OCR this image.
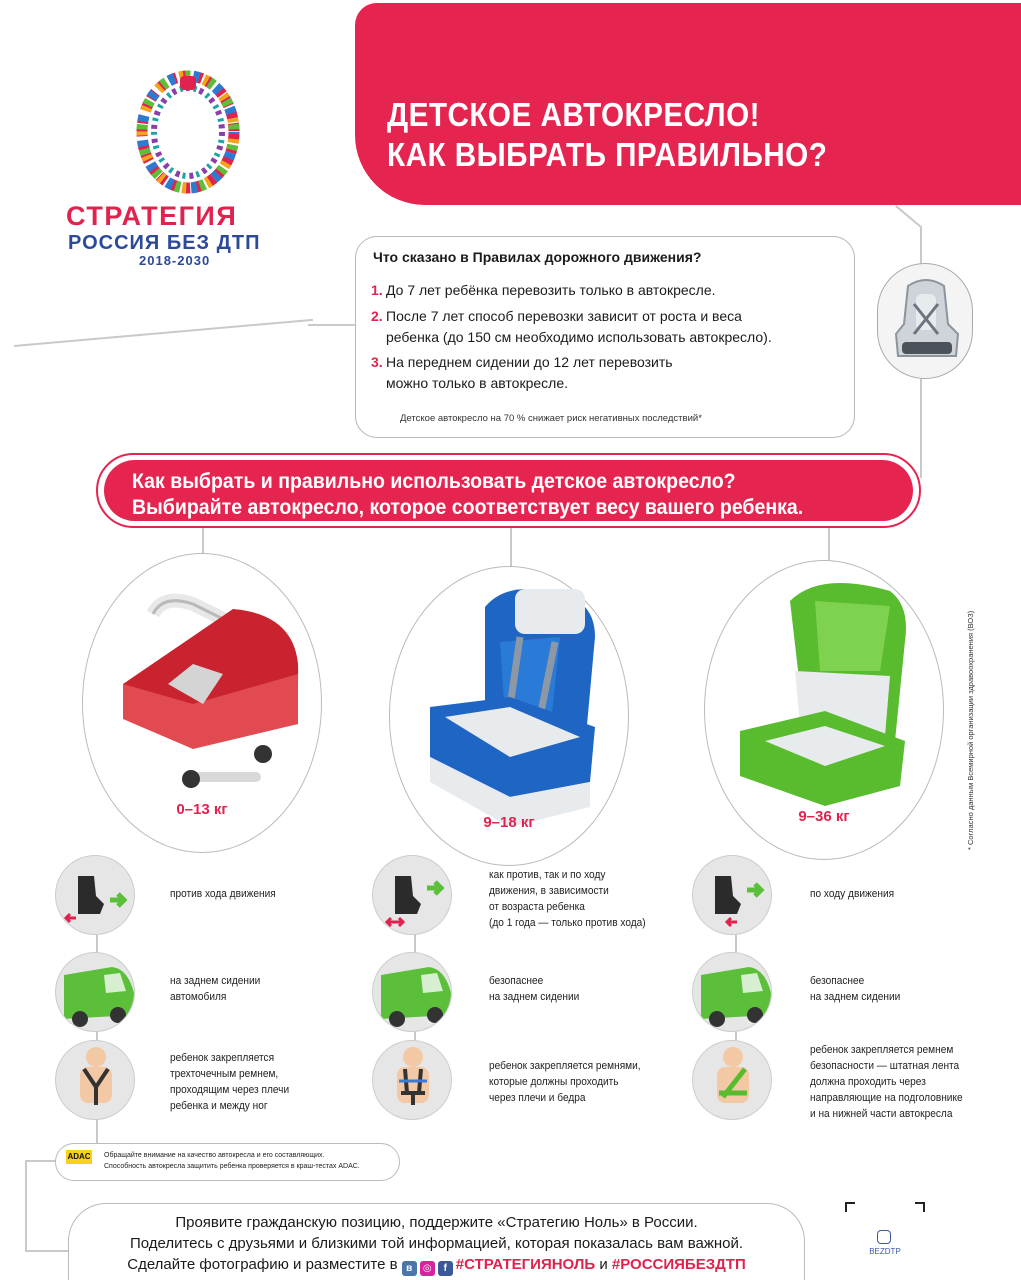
ДЕТСКОЕ АВТОКРЕСЛО!
КАК ВЫБРАТЬ ПРАВИЛЬНО?
СТРАТЕГИЯ
РОССИЯ БЕЗ ДТП
2018-2030	Что сказано в Правилах дорожного движения?
1. До 7 лет ребёнка перевозить только в автокресле.
2. После 7 лет способ перевозки зависит от роста и веса
ребенка (до 150 см необходимо использовать автокресло).
3. На переднем сидении до 12 лет перевозить
можно только в автокресле.
Детское автокресло на 70 % снижает риск негативных последствий*
Как выбрать и правильно использовать детское автокресло?
Выбирайте автокресло, которое соответствует весу вашего ребенка.
0–13 кг
9–18 кг	9–36 кг
против хода движения
как против, так и по ходу
движения, в зависимости
от возраста ребенка
(до 1 года — только против хода)
по ходу движения
на заднем сидении
автомобиля
безопаснее
на заднем сидении
безопаснее
на заднем сидении
ребенок закрепляется
трехточечным ремнем,
проходящим через плечи
ребенка и между ног
ребенок закрепляется ремнями,
которые должны проходить
через плечи и бедра
ребенок закрепляется ремнем
безопасности — штатная лента
должна проходить через
направляющие на подголовнике
и на нижней части автокресла
* Согласно данным Всемирной организации здравоохранения (ВОЗ)
ADAC Обращайте внимание на качество автокресла и его составляющих.
Способность автокресла защитить ребенка проверяется в краш-тестах ADAC.
Проявите гражданскую позицию, поддержите «Стратегию Ноль» в России.
Поделитесь с друзьями и близкими той информацией, которая показалась вам важной.
Сделайте фотографию и разместите в в ◎ f #СТРАТЕГИЯНОЛЬ и #РОССИЯБЕЗДТП
BEZDTP
